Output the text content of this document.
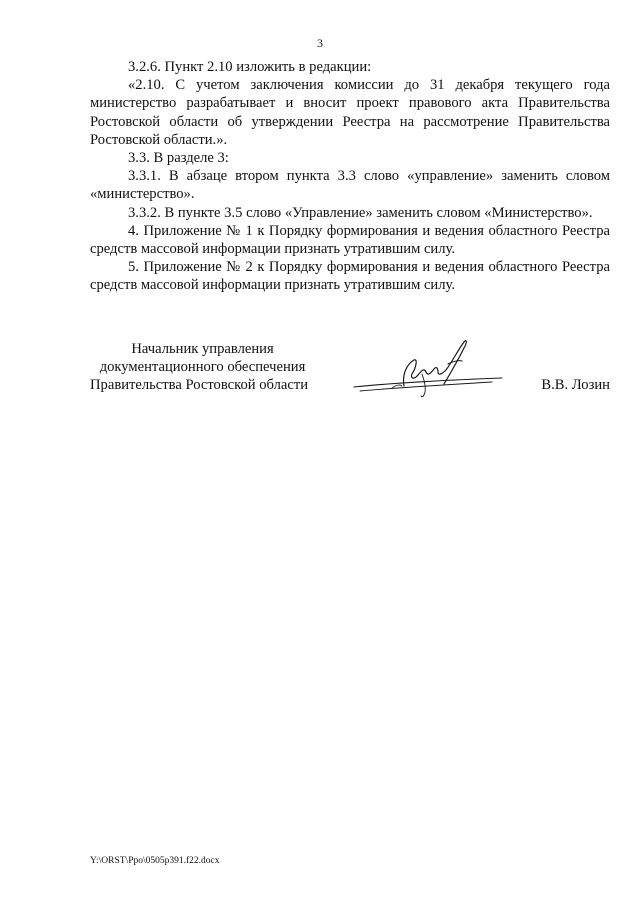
3

3.2.6. Пункт 2.10 изложить в редакции:

«2.10. С учетом заключения комиссии до 31 декабря текущего года министерство разрабатывает и вносит проект правового акта Правительства Ростовской области об утверждении Реестра на рассмотрение Правительства Ростовской области.».

3.3. В разделе 3:

3.3.1. В абзаце втором пункта 3.3 слово «управление» заменить словом «министерство».

3.3.2. В пункте 3.5 слово «Управление» заменить словом «Министерство».

4. Приложение № 1 к Порядку формирования и ведения областного Реестра средств массовой информации признать утратившим силу.

5. Приложение № 2 к Порядку формирования и ведения областного Реестра средств массовой информации признать утратившим силу.

Начальник управления
документационного обеспечения
Правительства Ростовской области	В.В. Лозин
Y:\ORST\Ppo\0505p391.f22.docx
